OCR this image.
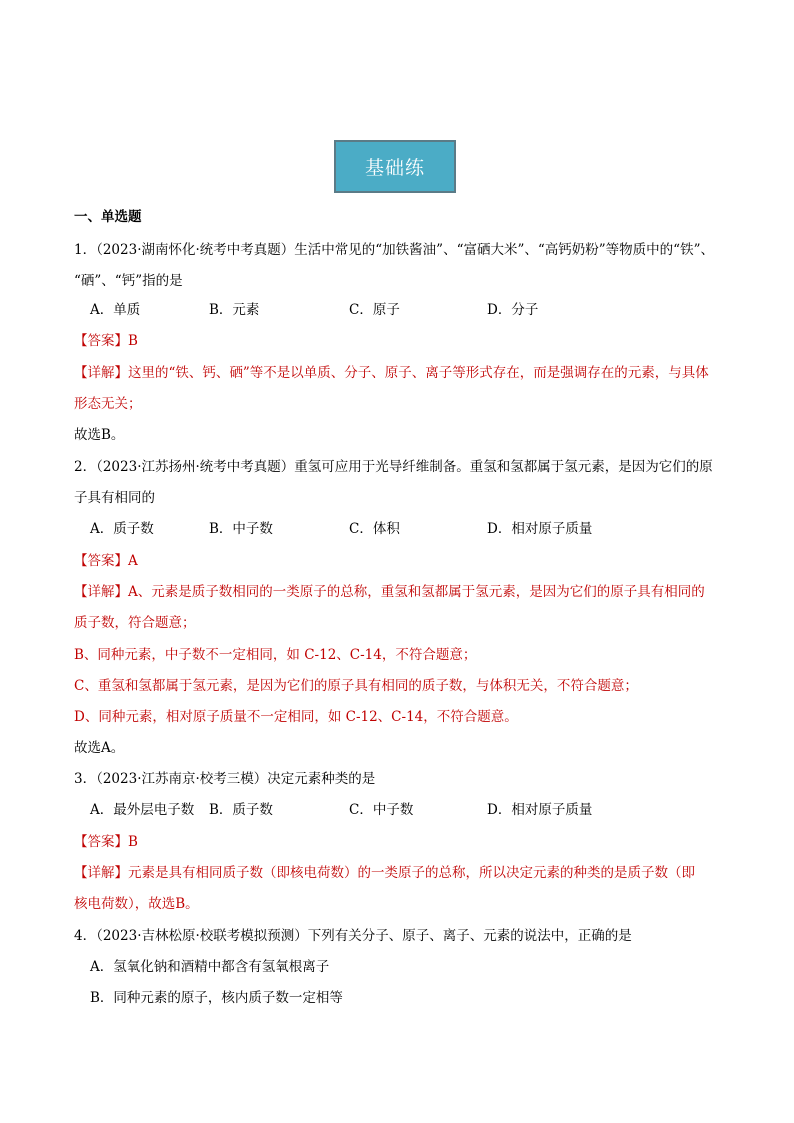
基础练
一、单选题
1．（2023·湖南怀化·统考中考真题）生活中常见的“加铁酱油”、“富硒大米”、“高钙奶粉”等物质中的“铁”、
“硒”、“钙”指的是
A．单质	B．元素	C．原子	D．分子
【答案】B
【详解】这里的“铁、钙、硒”等不是以单质、分子、原子、离子等形式存在，而是强调存在的元素，与具体
形态无关；
故选B。
2．（2023·江苏扬州·统考中考真题）重氢可应用于光导纤维制备。重氢和氢都属于氢元素，是因为它们的原
子具有相同的
A．质子数	B．中子数	C．体积	D．相对原子质量
【答案】A
【详解】A、元素是质子数相同的一类原子的总称，重氢和氢都属于氢元素，是因为它们的原子具有相同的
质子数，符合题意；
B、同种元素，中子数不一定相同，如 C-12、C-14，不符合题意；
C、重氢和氢都属于氢元素，是因为它们的原子具有相同的质子数，与体积无关，不符合题意；
D、同种元素，相对原子质量不一定相同，如 C-12、C-14，不符合题意。
故选A。
3．（2023·江苏南京·校考三模）决定元素种类的是
A．最外层电子数 B．质子数	C．中子数	D．相对原子质量
【答案】B
【详解】元素是具有相同质子数（即核电荷数）的一类原子的总称，所以决定元素的种类的是质子数（即
核电荷数），故选B。
4．（2023·吉林松原·校联考模拟预测）下列有关分子、原子、离子、元素的说法中，正确的是
A．氢氧化钠和酒精中都含有氢氧根离子
B．同种元素的原子，核内质子数一定相等
